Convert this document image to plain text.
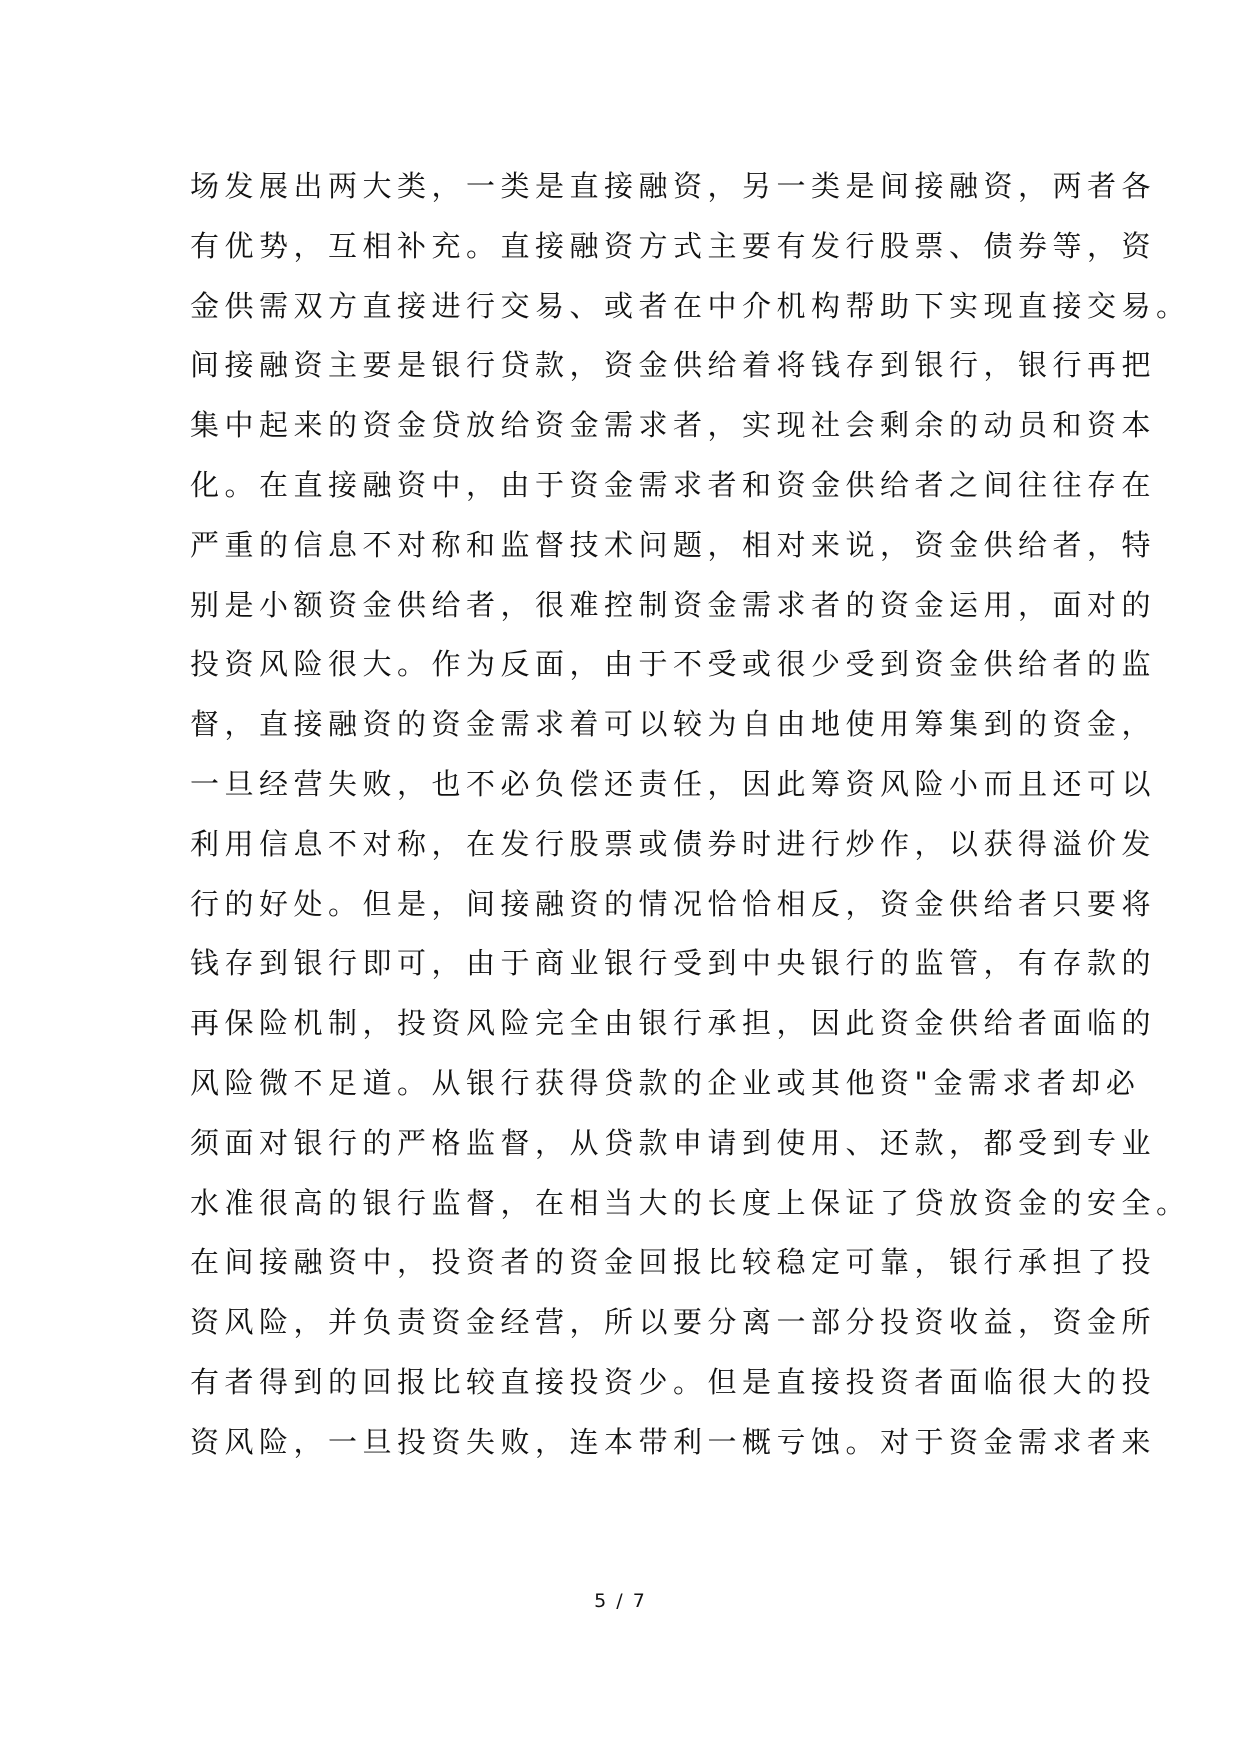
场发展出两大类，一类是直接融资，另一类是间接融资，两者各
有优势，互相补充。直接融资方式主要有发行股票、债券等，资
金供需双方直接进行交易、或者在中介机构帮助下实现直接交易。
间接融资主要是银行贷款，资金供给着将钱存到银行，银行再把
集中起来的资金贷放给资金需求者，实现社会剩余的动员和资本
化。在直接融资中，由于资金需求者和资金供给者之间往往存在
严重的信息不对称和监督技术问题，相对来说，资金供给者，特
别是小额资金供给者，很难控制资金需求者的资金运用，面对的
投资风险很大。作为反面，由于不受或很少受到资金供给者的监
督，直接融资的资金需求着可以较为自由地使用筹集到的资金，
一旦经营失败，也不必负偿还责任，因此筹资风险小而且还可以
利用信息不对称，在发行股票或债券时进行炒作，以获得溢价发
行的好处。但是，间接融资的情况恰恰相反，资金供给者只要将
钱存到银行即可，由于商业银行受到中央银行的监管，有存款的
再保险机制，投资风险完全由银行承担，因此资金供给者面临的
风险微不足道。从银行获得贷款的企业或其他资"金需求者却必
须面对银行的严格监督，从贷款申请到使用、还款，都受到专业
水准很高的银行监督，在相当大的长度上保证了贷放资金的安全。
在间接融资中，投资者的资金回报比较稳定可靠，银行承担了投
资风险，并负责资金经营，所以要分离一部分投资收益，资金所
有者得到的回报比较直接投资少。但是直接投资者面临很大的投
资风险，一旦投资失败，连本带利一概亏蚀。对于资金需求者来
5 / 7
